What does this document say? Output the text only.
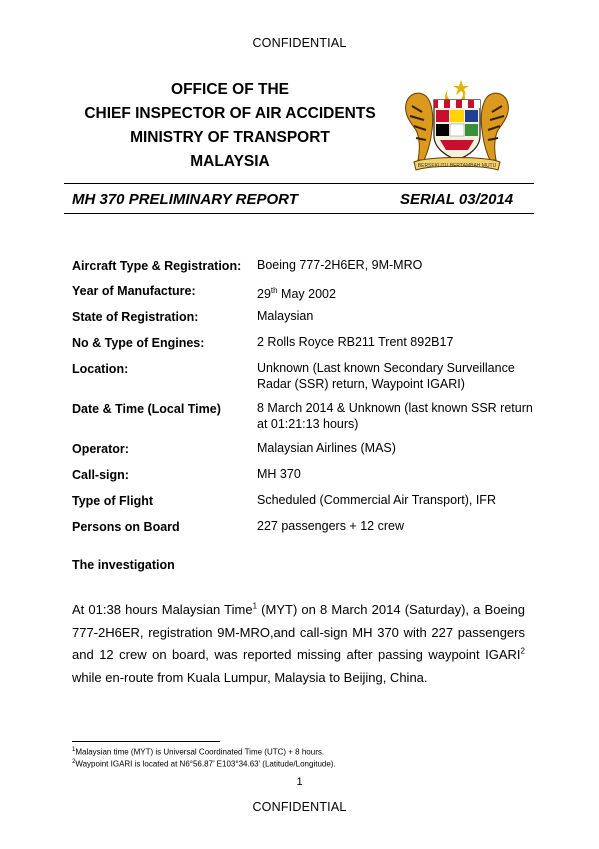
CONFIDENTIAL
OFFICE OF THE
CHIEF INSPECTOR OF AIR ACCIDENTS
MINISTRY OF TRANSPORT
MALAYSIA	BERSEKUTU BERTAMBAH MUTU
MH 370 PRELIMINARY REPORT	SERIAL 03/2014
Aircraft Type & Registration: Boeing 777-2H6ER, 9M-MRO
Year of Manufacture:	29th May 2002
State of Registration:	Malaysian
No & Type of Engines:	2 Rolls Royce RB211 Trent 892B17
Location:	Unknown (Last known Secondary Surveillance
Radar (SSR) return, Waypoint IGARI)
Date & Time (Local Time)	8 March 2014 & Unknown (last known SSR return
at 01:21:13 hours)
Operator:	Malaysian Airlines (MAS)
Call-sign:	MH 370
Type of Flight	Scheduled (Commercial Air Transport), IFR
Persons on Board	227 passengers + 12 crew
The investigation
At 01:38 hours Malaysian Time$^1$ (MYT) on 8 March 2014 (Saturday), a Boeing 777-2H6ER, registration 9M-MRO,and call-sign MH 370 with 227 passengers and 12 crew on board, was reported missing after passing waypoint IGARI$^2$ while en-route from Kuala Lumpur, Malaysia to Beijing, China.
$^1$Malaysian time (MYT) is Universal Coordinated Time (UTC) + 8 hours.
$^2$Waypoint IGARI is located at N6°56.87’ E103°34.63’ (Latitude/Longitude).
1
CONFIDENTIAL
